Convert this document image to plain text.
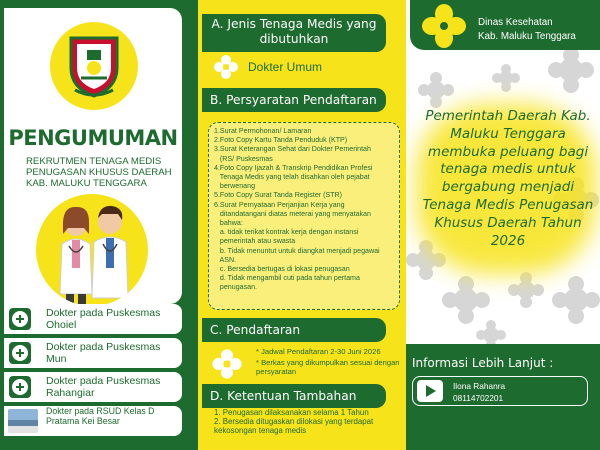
PENGUMUMAN
REKRUTMEN TENAGA MEDIS PENUGASAN KHUSUS DAERAH KAB. MALUKU TENGGARA
Dokter pada Puskesmas Ohoiel
Dokter pada Puskesmas Mun
Dokter pada Puskesmas Rahangiar
Dokter pada RSUD Kelas D Pratama Kei Besar
A. Jenis Tenaga Medis yang dibutuhkan
Dokter Umum
B. Persyaratan Pendaftaran
1.Surat Permohonan/ Lamaran
2.Foto Copy Kartu Tanda Penduduk (KTP)
3.Surat Keterangan Sehat dari Dokter Pemerintah
(RS/ Puskesmas
4.Foto Copy Ijazah & Transkrip Pendidikan Profesi
Tenaga Medis yang telah disahkan oleh pejabat
berwenang
5.Foto Copy Surat Tanda Register (STR)
6.Surat Pernyataan Perjanjian Kerja yang
ditandatangani diatas meterai yang menyatakan
bahwa:
a. tidak terikat kontrak kerja dengan instansi
pemerintah atau swasta
b. Tidak menuntut untuk diangkat menjadi pegawai
ASN.
c. Bersedia bertugas di lokasi penugasan
d. Tidak mengambil cuti pada tahun pertama
penugasan.
C. Pendaftaran
* Jadwal Pendaftaran 2-30 Juni 2026
* Berkas yang dikumpulkan sesuai dengan persyaratan
D. Ketentuan Tambahan
1. Penugasan dilaksanakan selama 1 Tahun
2. Bersedia ditugaskan dilokasi yang terdapat kekosongan tenaga medis
Dinas Kesehatan
Kab. Maluku Tenggara
Pemerintah Daerah Kab. Maluku Tenggara membuka peluang bagi tenaga medis untuk bergabung menjadi Tenaga Medis Penugasan Khusus Daerah Tahun 2026
Informasi Lebih Lanjut :
Ilona Rahanra
08114702201
